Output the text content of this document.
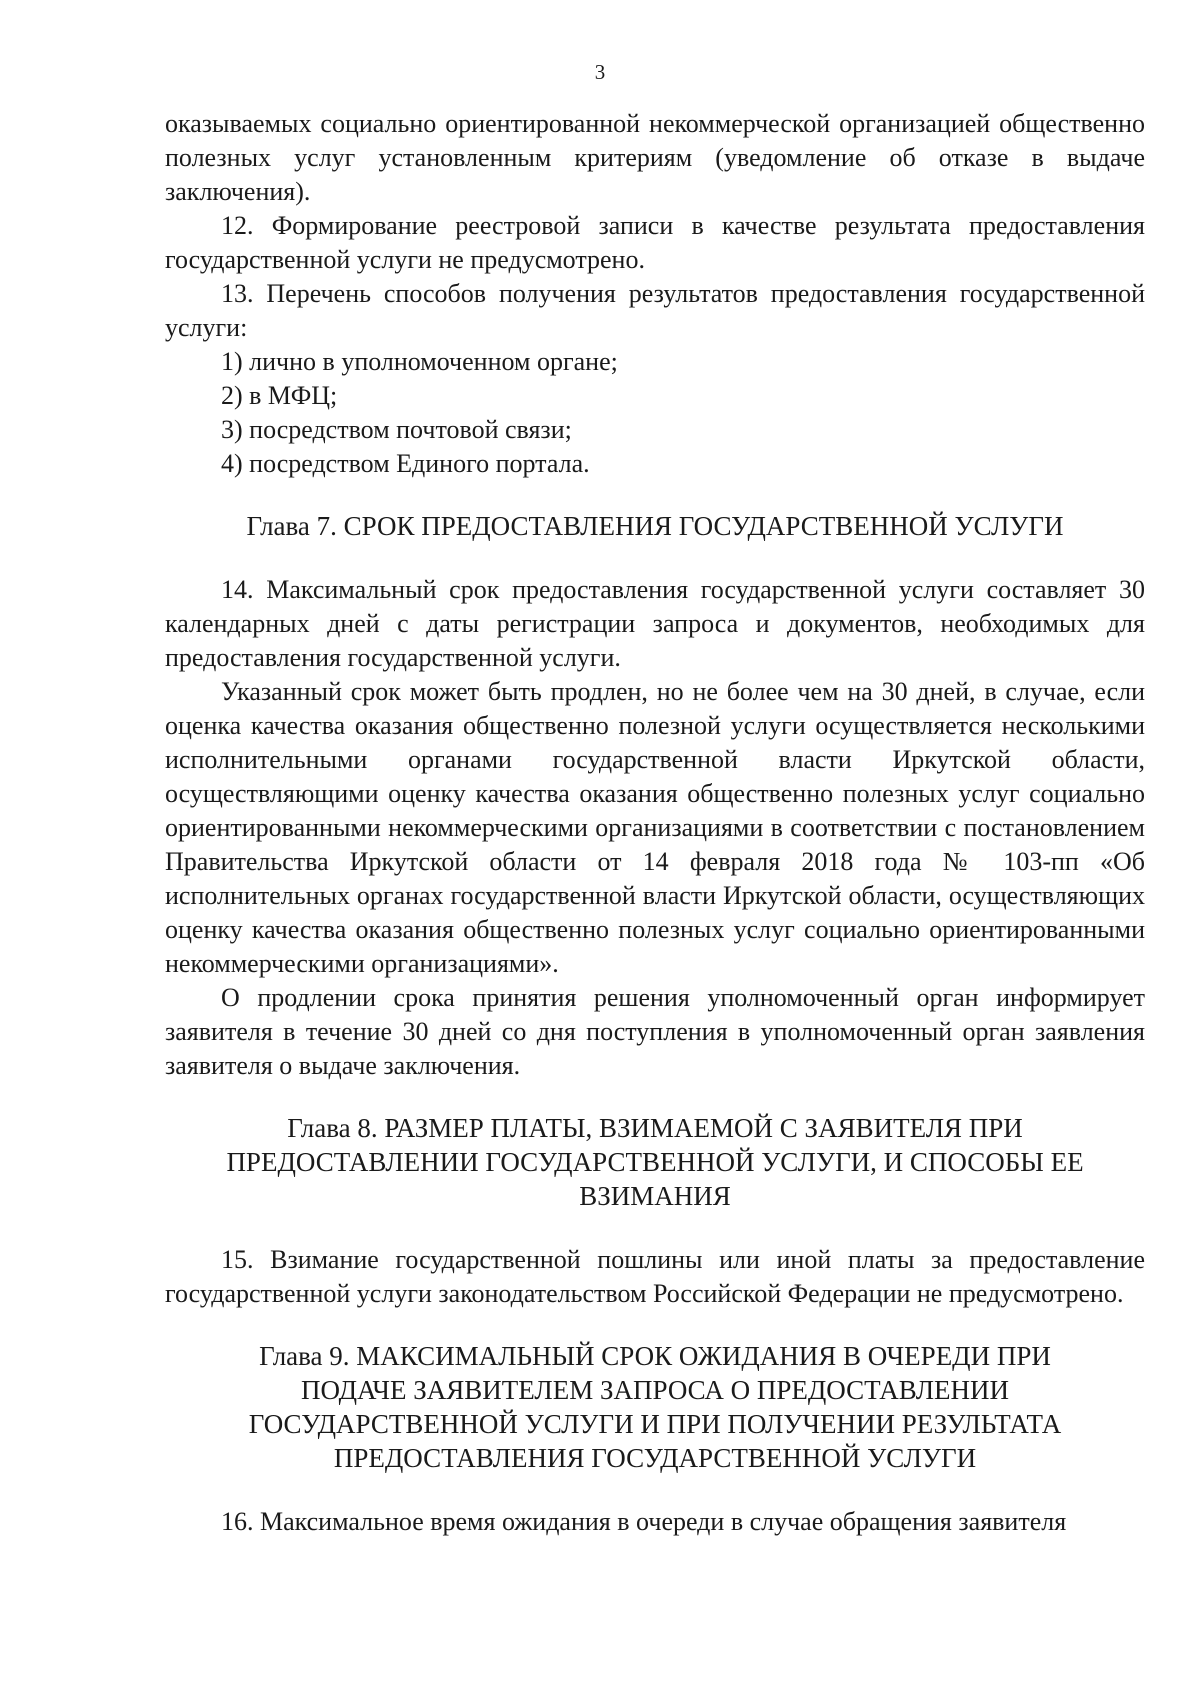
3

оказываемых социально ориентированной некоммерческой организацией общественно полезных услуг установленным критериям (уведомление об отказе в выдаче заключения).

12. Формирование реестровой записи в качестве результата предоставления государственной услуги не предусмотрено.

13. Перечень способов получения результатов предоставления государственной услуги:

1) лично в уполномоченном органе;

2) в МФЦ;

3) посредством почтовой связи;

4) посредством Единого портала.

Глава 7. СРОК ПРЕДОСТАВЛЕНИЯ ГОСУДАРСТВЕННОЙ УСЛУГИ

14. Максимальный срок предоставления государственной услуги составляет 30 календарных дней с даты регистрации запроса и документов, необходимых для предоставления государственной услуги.

Указанный срок может быть продлен, но не более чем на 30 дней, в случае, если оценка качества оказания общественно полезной услуги осуществляется несколькими исполнительными органами государственной власти Иркутской области, осуществляющими оценку качества оказания общественно полезных услуг социально ориентированными некоммерческими организациями в соответствии с постановлением Правительства Иркутской области от 14 февраля 2018 года № 103-пп «Об исполнительных органах государственной власти Иркутской области, осуществляющих оценку качества оказания общественно полезных услуг социально ориентированными некоммерческими организациями».

О продлении срока принятия решения уполномоченный орган информирует заявителя в течение 30 дней со дня поступления в уполномоченный орган заявления заявителя о выдаче заключения.

Глава 8. РАЗМЕР ПЛАТЫ, ВЗИМАЕМОЙ С ЗАЯВИТЕЛЯ ПРИ

ПРЕДОСТАВЛЕНИИ ГОСУДАРСТВЕННОЙ УСЛУГИ, И СПОСОБЫ ЕЕ

ВЗИМАНИЯ

15. Взимание государственной пошлины или иной платы за предоставление государственной услуги законодательством Российской Федерации не предусмотрено.

Глава 9. МАКСИМАЛЬНЫЙ СРОК ОЖИДАНИЯ В ОЧЕРЕДИ ПРИ

ПОДАЧЕ ЗАЯВИТЕЛЕМ ЗАПРОСА О ПРЕДОСТАВЛЕНИИ

ГОСУДАРСТВЕННОЙ УСЛУГИ И ПРИ ПОЛУЧЕНИИ РЕЗУЛЬТАТА

ПРЕДОСТАВЛЕНИЯ ГОСУДАРСТВЕННОЙ УСЛУГИ

16. Максимальное время ожидания в очереди в случае обращения заявителя
